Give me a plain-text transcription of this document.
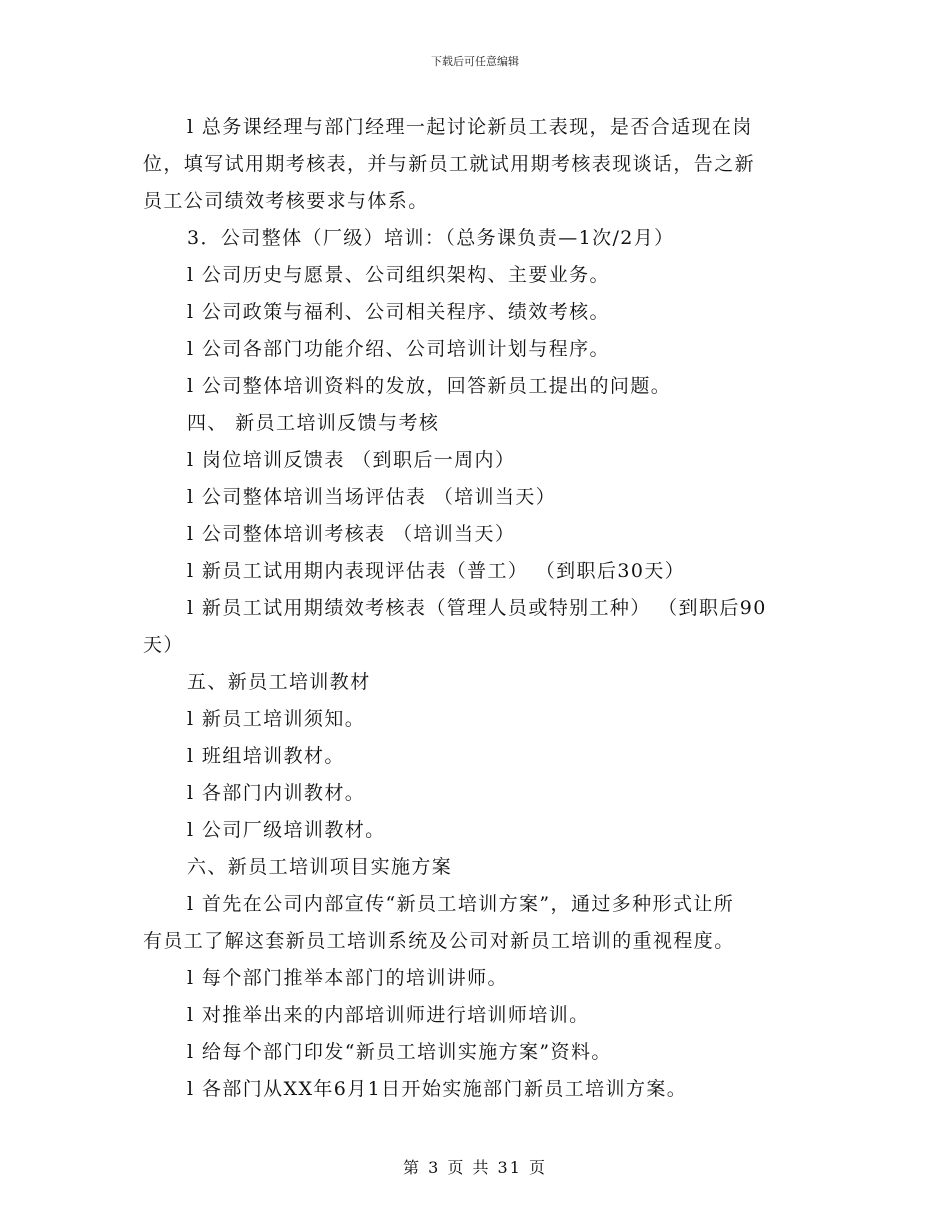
下载后可任意编辑
l 总务课经理与部门经理一起讨论新员工表现，是否合适现在岗
位，填写试用期考核表，并与新员工就试用期考核表现谈话，告之新
员工公司绩效考核要求与体系。
3．公司整体（厂级）培训：（总务课负责—1次/2月）
l 公司历史与愿景、公司组织架构、主要业务。
l 公司政策与福利、公司相关程序、绩效考核。
l 公司各部门功能介绍、公司培训计划与程序。
l 公司整体培训资料的发放，回答新员工提出的问题。
四、 新员工培训反馈与考核
l 岗位培训反馈表 （到职后一周内）
l 公司整体培训当场评估表 （培训当天）
l 公司整体培训考核表 （培训当天）
l 新员工试用期内表现评估表（普工） （到职后30天）
l 新员工试用期绩效考核表（管理人员或特别工种） （到职后90
天）
五、新员工培训教材
l 新员工培训须知。
l 班组培训教材。
l 各部门内训教材。
l 公司厂级培训教材。
六、新员工培训项目实施方案
l 首先在公司内部宣传“新员工培训方案”，通过多种形式让所
有员工了解这套新员工培训系统及公司对新员工培训的重视程度。
l 每个部门推举本部门的培训讲师。
l 对推举出来的内部培训师进行培训师培训。
l 给每个部门印发“新员工培训实施方案”资料。
l 各部门从XX年6月1日开始实施部门新员工培训方案。
第 3 页 共 31 页
